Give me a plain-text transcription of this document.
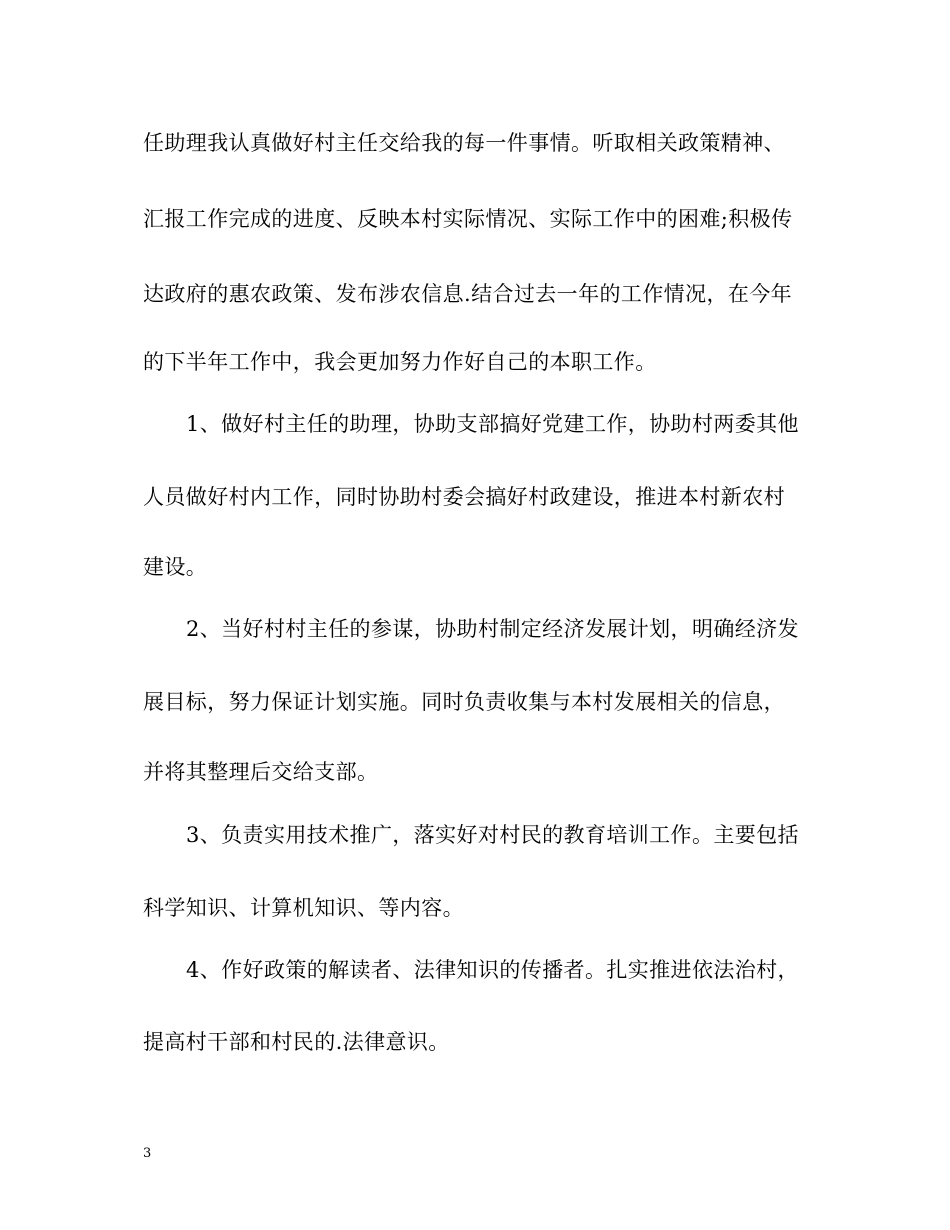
任助理我认真做好村主任交给我的每一件事情。听取相关政策精神、
汇报工作完成的进度、反映本村实际情况、实际工作中的困难;积极传
达政府的惠农政策、发布涉农信息.结合过去一年的工作情况，在今年
的下半年工作中，我会更加努力作好自己的本职工作。
1、做好村主任的助理，协助支部搞好党建工作，协助村两委其他
人员做好村内工作，同时协助村委会搞好村政建设，推进本村新农村
建设。
2、当好村村主任的参谋，协助村制定经济发展计划，明确经济发
展目标，努力保证计划实施。同时负责收集与本村发展相关的信息，
并将其整理后交给支部。
3、负责实用技术推广，落实好对村民的教育培训工作。主要包括
科学知识、计算机知识、等内容。
4、作好政策的解读者、法律知识的传播者。扎实推进依法治村，
提高村干部和村民的.法律意识。
3
